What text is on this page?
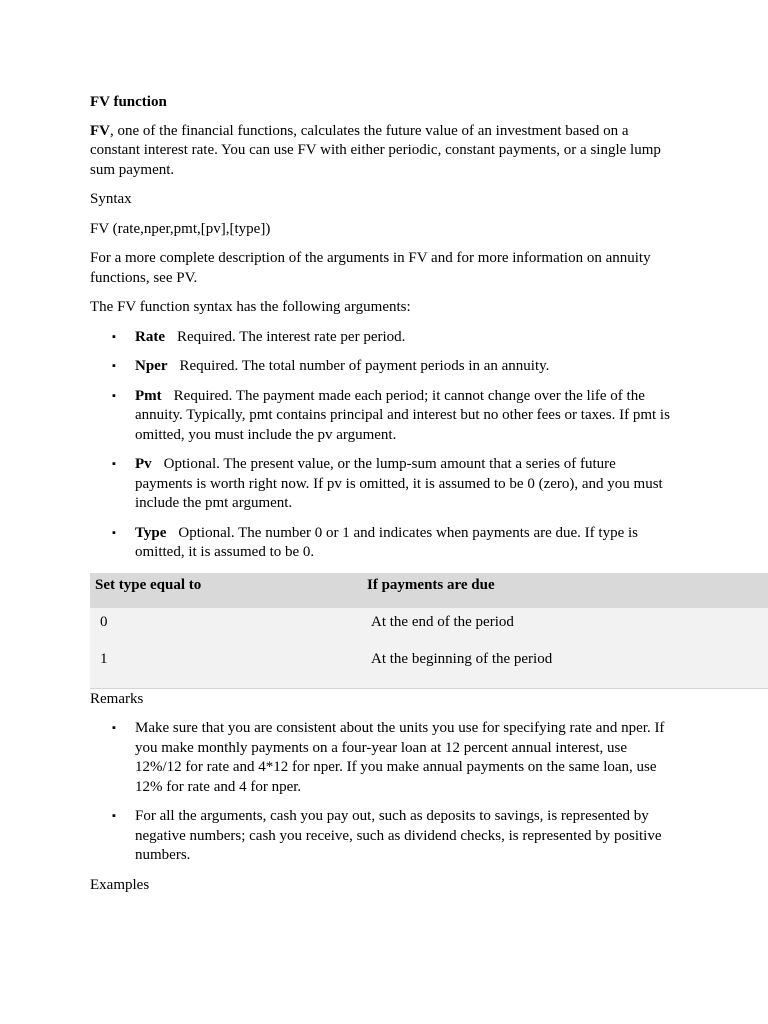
FV function

FV, one of the financial functions, calculates the future value of an investment based on a constant interest rate. You can use FV with either periodic, constant payments, or a single lump sum payment.

Syntax

FV (rate,nper,pmt,[pv],[type])

For a more complete description of the arguments in FV and for more information on annuity functions, see PV.

The FV function syntax has the following arguments:

▪ Rate Required. The interest rate per period.
▪ Nper Required. The total number of payment periods in an annuity.
▪ Pmt Required. The payment made each period; it cannot change over the life of the annuity. Typically, pmt contains principal and interest but no other fees or taxes. If pmt is omitted, you must include the pv argument.
▪ Pv Optional. The present value, or the lump-sum amount that a series of future payments is worth right now. If pv is omitted, it is assumed to be 0 (zero), and you must include the pmt argument.
▪ Type Optional. The number 0 or 1 and indicates when payments are due. If type is omitted, it is assumed to be 0.
Set type equal to	If payments are due
0	At the end of the period
1	At the beginning of the period

Remarks

▪ Make sure that you are consistent about the units you use for specifying rate and nper. If you make monthly payments on a four-year loan at 12 percent annual interest, use 12%/12 for rate and 4*12 for nper. If you make annual payments on the same loan, use 12% for rate and 4 for nper.
▪ For all the arguments, cash you pay out, such as deposits to savings, is represented by negative numbers; cash you receive, such as dividend checks, is represented by positive numbers.

Examples
